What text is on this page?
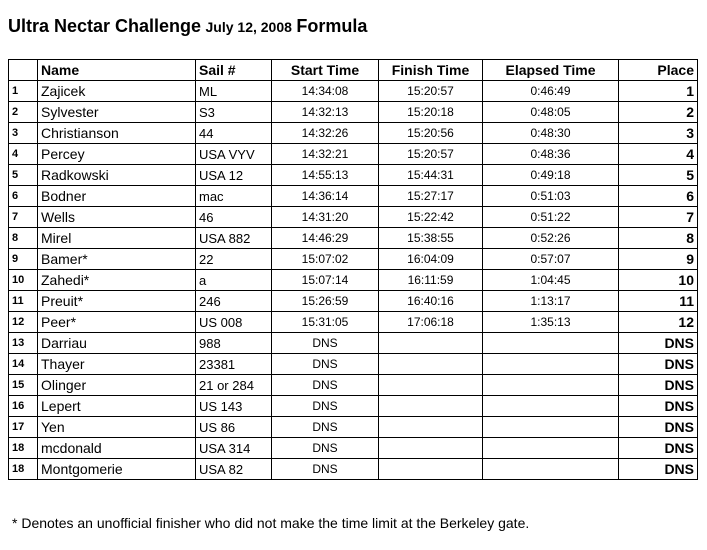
Ultra Nectar Challenge July 12, 2008 Formula
	Name	Sail #	Start Time	Finish Time	Elapsed Time	Place
1	Zajicek	ML	14:34:08	15:20:57	0:46:49	1
2	Sylvester	S3	14:32:13	15:20:18	0:48:05	2
3	Christianson	44	14:32:26	15:20:56	0:48:30	3
4	Percey	USA VYV	14:32:21	15:20:57	0:48:36	4
5	Radkowski	USA 12	14:55:13	15:44:31	0:49:18	5
6	Bodner	mac	14:36:14	15:27:17	0:51:03	6
7	Wells	46	14:31:20	15:22:42	0:51:22	7
8	Mirel	USA 882	14:46:29	15:38:55	0:52:26	8
9	Bamer*	22	15:07:02	16:04:09	0:57:07	9
10	Zahedi*	a	15:07:14	16:11:59	1:04:45	10
11	Preuit*	246	15:26:59	16:40:16	1:13:17	11
12	Peer*	US 008	15:31:05	17:06:18	1:35:13	12
13	Darriau	988	DNS			DNS
14	Thayer	23381	DNS			DNS
15	Olinger	21 or 284	DNS			DNS
16	Lepert	US 143	DNS			DNS
17	Yen	US 86	DNS			DNS
18	mcdonald	USA 314	DNS			DNS
18	Montgomerie	USA 82	DNS			DNS
* Denotes an unofficial finisher who did not make the time limit at the Berkeley gate.
